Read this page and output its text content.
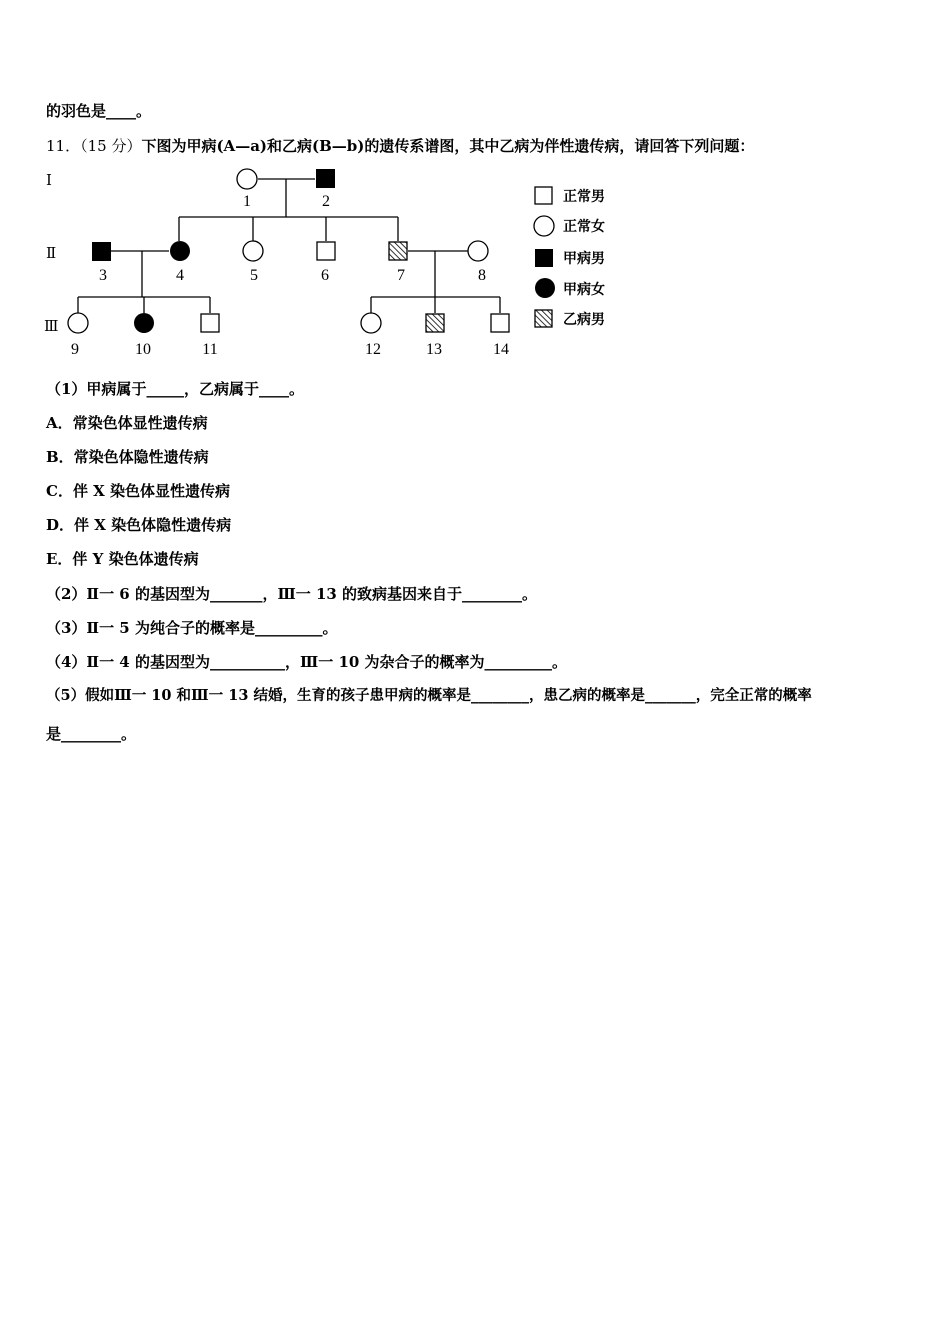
的羽色是____。
11．（15 分）下图为甲病(A—a)和乙病(B—b)的遗传系谱图，其中乙病为伴性遗传病，请回答下列问题：
Ⅰ
Ⅱ
Ⅲ
1	2
3	4	5	6	7	8
9	10	11	12	13	14
正常男
正常女
甲病男
甲病女
乙病男
（1）甲病属于_____，乙病属于____。
A．常染色体显性遗传病
B．常染色体隐性遗传病
C．伴 X 染色体显性遗传病
D．伴 X 染色体隐性遗传病
E．伴 Y 染色体遗传病
（2）Ⅱ一 6 的基因型为_______，Ⅲ一 13 的致病基因来自于________。
（3）Ⅱ一 5 为纯合子的概率是_________。
（4）Ⅱ一 4 的基因型为__________，Ⅲ一 10 为杂合子的概率为_________。
（5）假如Ⅲ一 10 和Ⅲ一 13 结婚，生育的孩子患甲病的概率是________，患乙病的概率是_______，完全正常的概率
是________。
